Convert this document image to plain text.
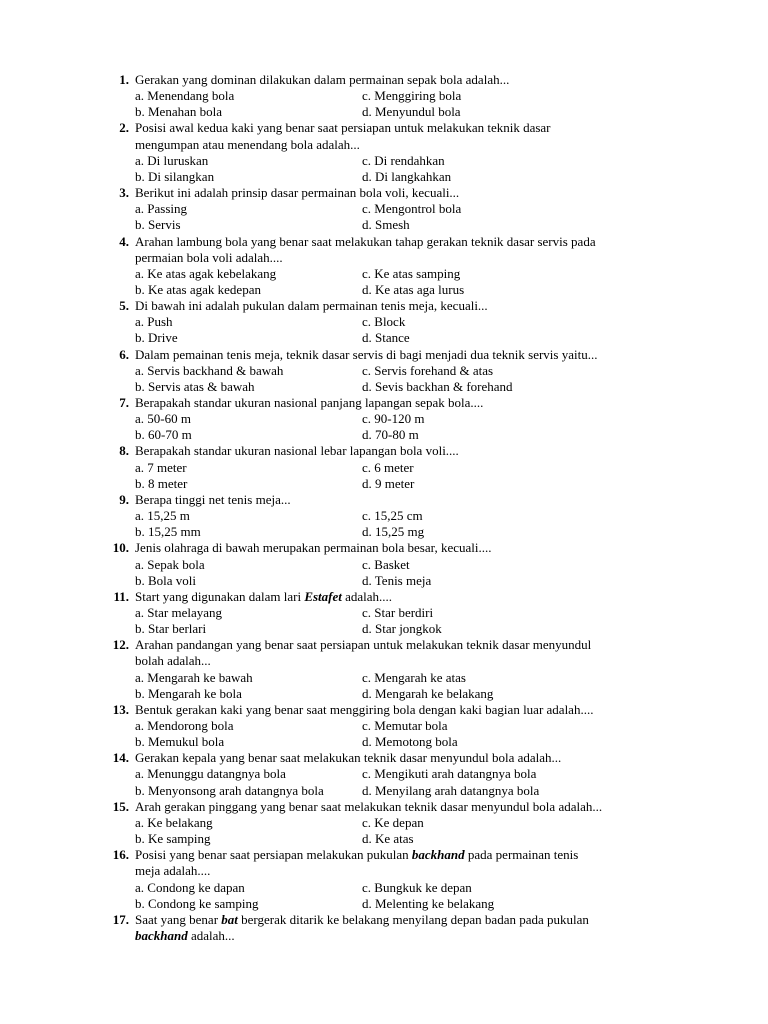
1. Gerakan yang dominan dilakukan dalam permainan sepak bola adalah...
a. Menendang bola	c. Menggiring bola
b. Menahan bola	d. Menyundul bola
2. Posisi awal kedua kaki yang benar saat persiapan untuk melakukan teknik dasar
mengumpan atau menendang bola adalah...
a. Di luruskan	c. Di rendahkan
b. Di silangkan	d. Di langkahkan
3. Berikut ini adalah prinsip dasar permainan bola voli, kecuali...
a. Passing	c. Mengontrol bola
b. Servis	d. Smesh
4. Arahan lambung bola yang benar saat melakukan tahap gerakan teknik dasar servis pada
permaian bola voli adalah....
a. Ke atas agak kebelakang	c. Ke atas samping
b. Ke atas agak kedepan	d. Ke atas aga lurus
5. Di bawah ini adalah pukulan dalam permainan tenis meja, kecuali...
a. Push	c. Block
b. Drive	d. Stance
6. Dalam pemainan tenis meja, teknik dasar servis di bagi menjadi dua teknik servis yaitu...
a. Servis backhand & bawah	c. Servis forehand & atas
b. Servis atas & bawah	d. Sevis backhan & forehand
7. Berapakah standar ukuran nasional panjang lapangan sepak bola....
a. 50-60 m	c. 90-120 m
b. 60-70 m	d. 70-80 m
8. Berapakah standar ukuran nasional lebar lapangan bola voli....
a. 7 meter	c. 6 meter
b. 8 meter	d. 9 meter
9. Berapa tinggi net tenis meja...
a. 15,25 m	c. 15,25 cm
b. 15,25 mm	d. 15,25 mg
10. Jenis olahraga di bawah merupakan permainan bola besar, kecuali....
a. Sepak bola	c. Basket
b. Bola voli	d. Tenis meja
11. Start yang digunakan dalam lari Estafet adalah....
a. Star melayang	c. Star berdiri
b. Star berlari	d. Star jongkok
12. Arahan pandangan yang benar saat persiapan untuk melakukan teknik dasar menyundul
bolah adalah...
a. Mengarah ke bawah	c. Mengarah ke atas
b. Mengarah ke bola	d. Mengarah ke belakang
13. Bentuk gerakan kaki yang benar saat menggiring bola dengan kaki bagian luar adalah....
a. Mendorong bola	c. Memutar bola
b. Memukul bola	d. Memotong bola
14. Gerakan kepala yang benar saat melakukan teknik dasar menyundul bola adalah...
a. Menunggu datangnya bola	c. Mengikuti arah datangnya bola
b. Menyonsong arah datangnya bola	d. Menyilang arah datangnya bola
15. Arah gerakan pinggang yang benar saat melakukan teknik dasar menyundul bola adalah...
a. Ke belakang	c. Ke depan
b. Ke samping	d. Ke atas
16. Posisi yang benar saat persiapan melakukan pukulan backhand pada permainan tenis
meja adalah....
a. Condong ke dapan	c. Bungkuk ke depan
b. Condong ke samping	d. Melenting ke belakang
17. Saat yang benar bat bergerak ditarik ke belakang menyilang depan badan pada pukulan
backhand adalah...
